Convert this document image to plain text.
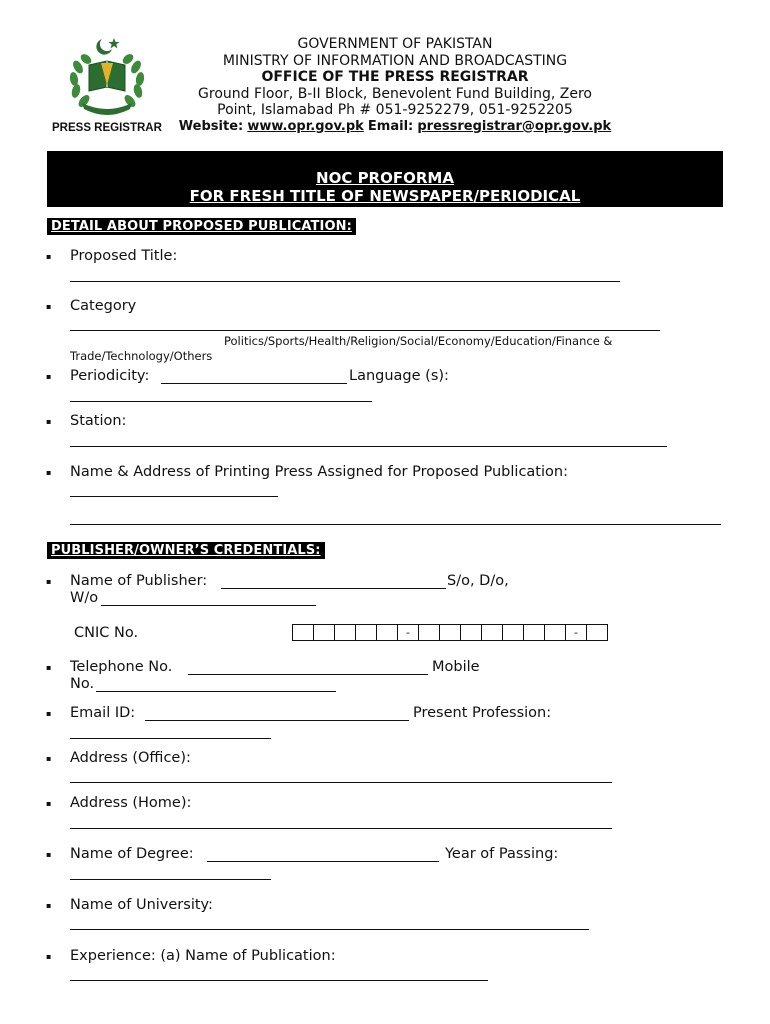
PRESS REGISTRAR
GOVERNMENT OF PAKISTAN
MINISTRY OF INFORMATION AND BROADCASTING
OFFICE OF THE PRESS REGISTRAR
Ground Floor, B-II Block, Benevolent Fund Building, Zero
Point, Islamabad Ph # 051-9252279, 051-9252205
Website: www.opr.gov.pk Email: pressregistrar@opr.gov.pk
NOC PROFORMA
FOR FRESH TITLE OF NEWSPAPER/PERIODICAL
DETAIL ABOUT PROPOSED PUBLICATION:
▪ Proposed Title:
▪ Category
Politics/Sports/Health/Religion/Social/Economy/Education/Finance &
Trade/Technology/Others
▪ Periodicity:	Language (s):
▪ Station:
▪ Name & Address of Printing Press Assigned for Proposed Publication:
PUBLISHER/OWNER’S CREDENTIALS:
▪ Name of Publisher:	S/o, D/o,
W/o
CNIC No.	-	-
▪ Telephone No.	Mobile
No.
▪ Email ID:	Present Profession:
▪ Address (Office):
▪ Address (Home):
▪ Name of Degree:	Year of Passing:
▪ Name of University:
▪ Experience: (a) Name of Publication:
